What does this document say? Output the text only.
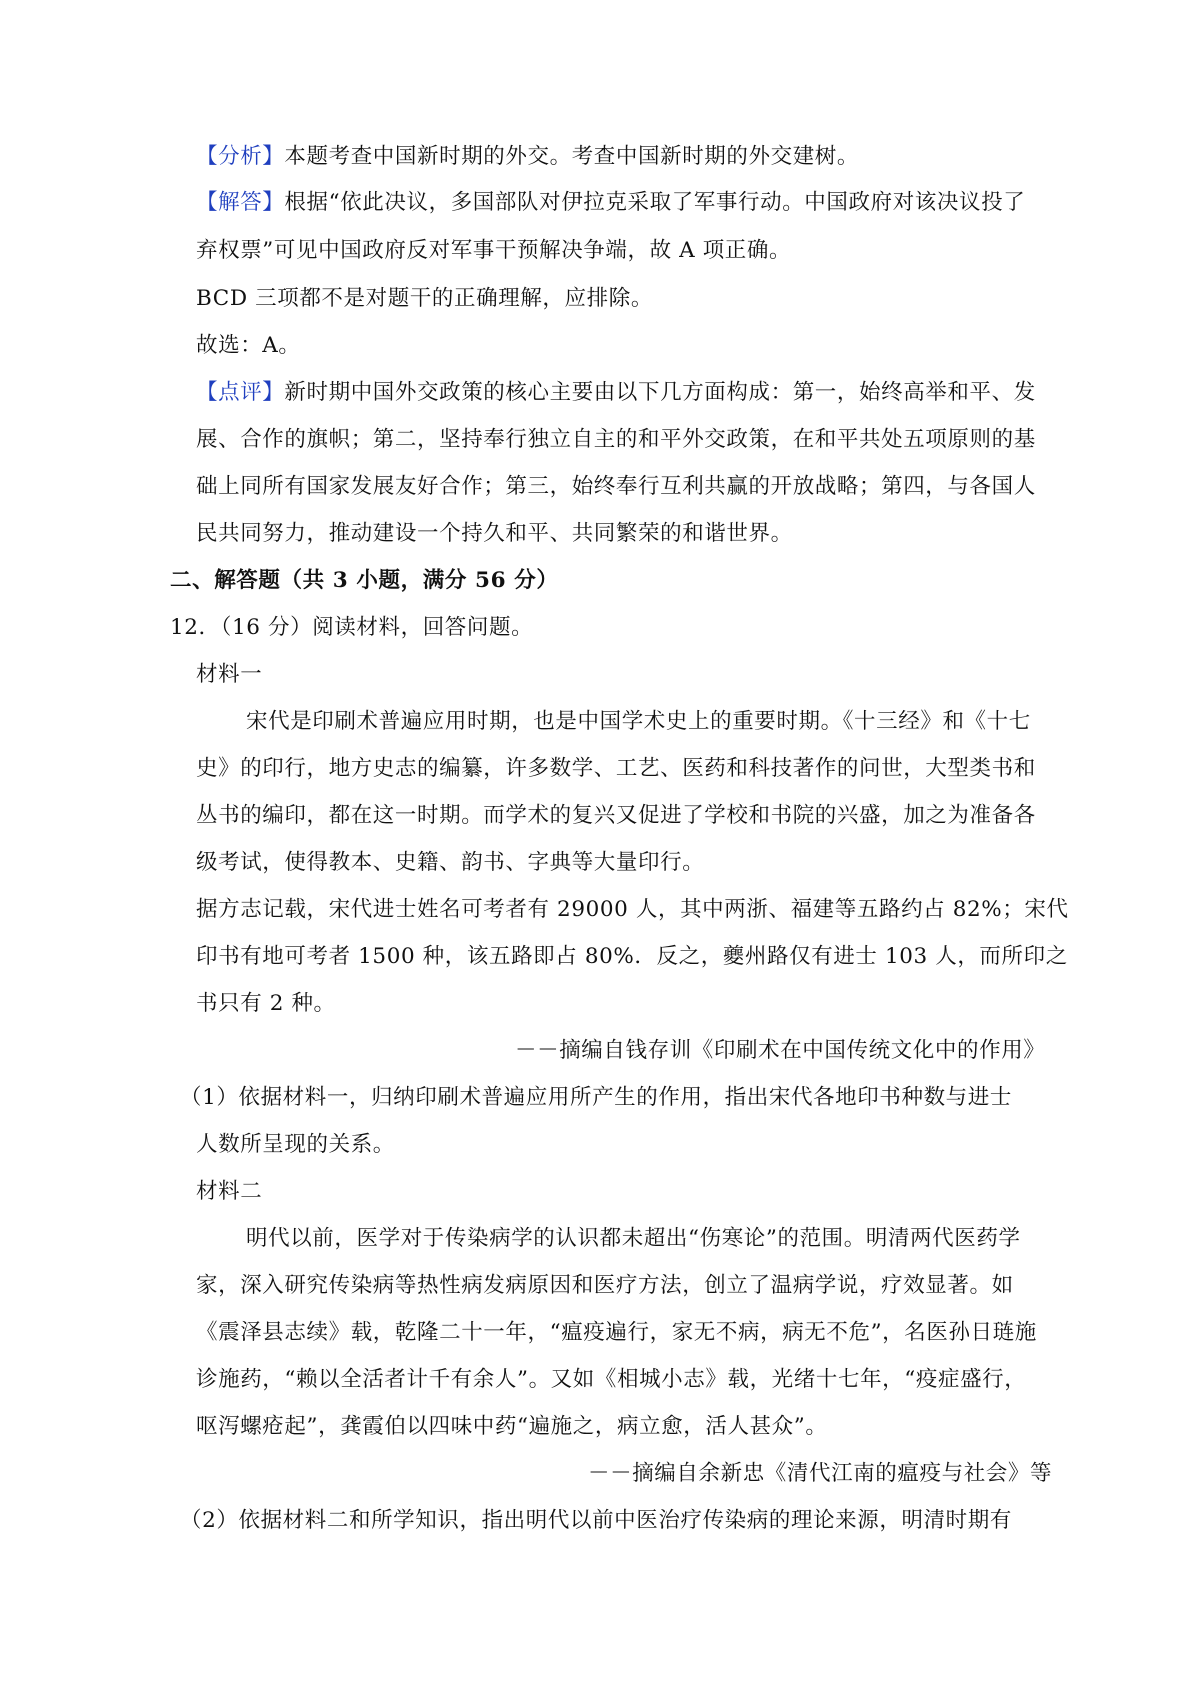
【分析】本题考查中国新时期的外交。考查中国新时期的外交建树。
【解答】根据“依此决议，多国部队对伊拉克采取了军事行动。中国政府对该决议投了
弃权票”可见中国政府反对军事干预解决争端，故 A 项正确。
BCD 三项都不是对题干的正确理解，应排除。
故选：A。
【点评】新时期中国外交政策的核心主要由以下几方面构成：第一，始终高举和平、发
展、合作的旗帜；第二，坚持奉行独立自主的和平外交政策，在和平共处五项原则的基
础上同所有国家发展友好合作；第三，始终奉行互利共赢的开放战略；第四，与各国人
民共同努力，推动建设一个持久和平、共同繁荣的和谐世界。
二、解答题（共 3 小题，满分 56 分）
12．（16 分）阅读材料，回答问题。
材料一
宋代是印刷术普遍应用时期，也是中国学术史上的重要时期。《十三经》和《十七
史》的印行，地方史志的编纂，许多数学、工艺、医药和科技著作的问世，大型类书和
丛书的编印，都在这一时期。而学术的复兴又促进了学校和书院的兴盛，加之为准备各
级考试，使得教本、史籍、韵书、字典等大量印行。
据方志记载，宋代进士姓名可考者有 29000 人，其中两浙、福建等五路约占 82%；宋代
印书有地可考者 1500 种，该五路即占 80%．反之，夔州路仅有进士 103 人，而所印之
书只有 2 种。
－－摘编自钱存训《印刷术在中国传统文化中的作用》
（1）依据材料一，归纳印刷术普遍应用所产生的作用，指出宋代各地印书种数与进士
人数所呈现的关系。
材料二
明代以前，医学对于传染病学的认识都未超出“伤寒论”的范围。明清两代医药学
家，深入研究传染病等热性病发病原因和医疗方法，创立了温病学说，疗效显著。如
《震泽县志续》载，乾隆二十一年，“瘟疫遍行，家无不病，病无不危”，名医孙日琏施
诊施药，“赖以全活者计千有余人”。又如《相城小志》载，光绪十七年，“疫症盛行，
呕泻螺疮起”，龚霞伯以四味中药“遍施之，病立愈，活人甚众”。
－－摘编自余新忠《清代江南的瘟疫与社会》等
（2）依据材料二和所学知识，指出明代以前中医治疗传染病的理论来源，明清时期有
